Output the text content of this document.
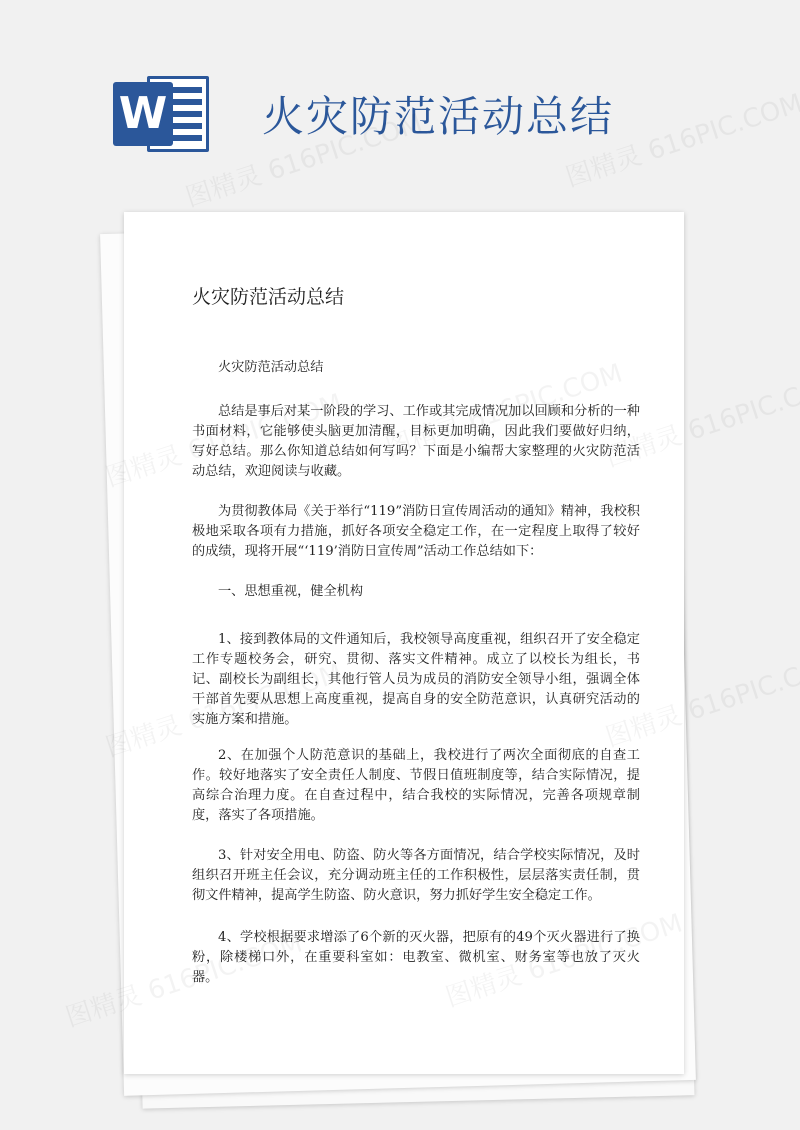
W 火灾防范活动总结
火灾防范活动总结

火灾防范活动总结

总结是事后对某一阶段的学习、工作或其完成情况加以回顾和分析的一种书面材料，它能够使头脑更加清醒，目标更加明确，因此我们要做好归纳，写好总结。那么你知道总结如何写吗？下面是小编帮大家整理的火灾防范活动总结，欢迎阅读与收藏。

为贯彻教体局《关于举行“119”消防日宣传周活动的通知》精神，我校积极地采取各项有力措施，抓好各项安全稳定工作，在一定程度上取得了较好的成绩，现将开展“‘119’消防日宣传周”活动工作总结如下：

一、思想重视，健全机构

1、接到教体局的文件通知后，我校领导高度重视，组织召开了安全稳定工作专题校务会，研究、贯彻、落实文件精神。成立了以校长为组长，书记、副校长为副组长，其他行管人员为成员的消防安全领导小组，强调全体干部首先要从思想上高度重视，提高自身的安全防范意识，认真研究活动的实施方案和措施。

2、在加强个人防范意识的基础上，我校进行了两次全面彻底的自查工作。较好地落实了安全责任人制度、节假日值班制度等，结合实际情况，提高综合治理力度。在自查过程中，结合我校的实际情况，完善各项规章制度，落实了各项措施。

3、针对安全用电、防盗、防火等各方面情况，结合学校实际情况，及时组织召开班主任会议，充分调动班主任的工作积极性，层层落实责任制，贯彻文件精神，提高学生防盗、防火意识，努力抓好学生安全稳定工作。

4、学校根据要求增添了6个新的灭火器，把原有的49个灭火器进行了换粉，除楼梯口外，在重要科室如：电教室、微机室、财务室等也放了灭火器。
